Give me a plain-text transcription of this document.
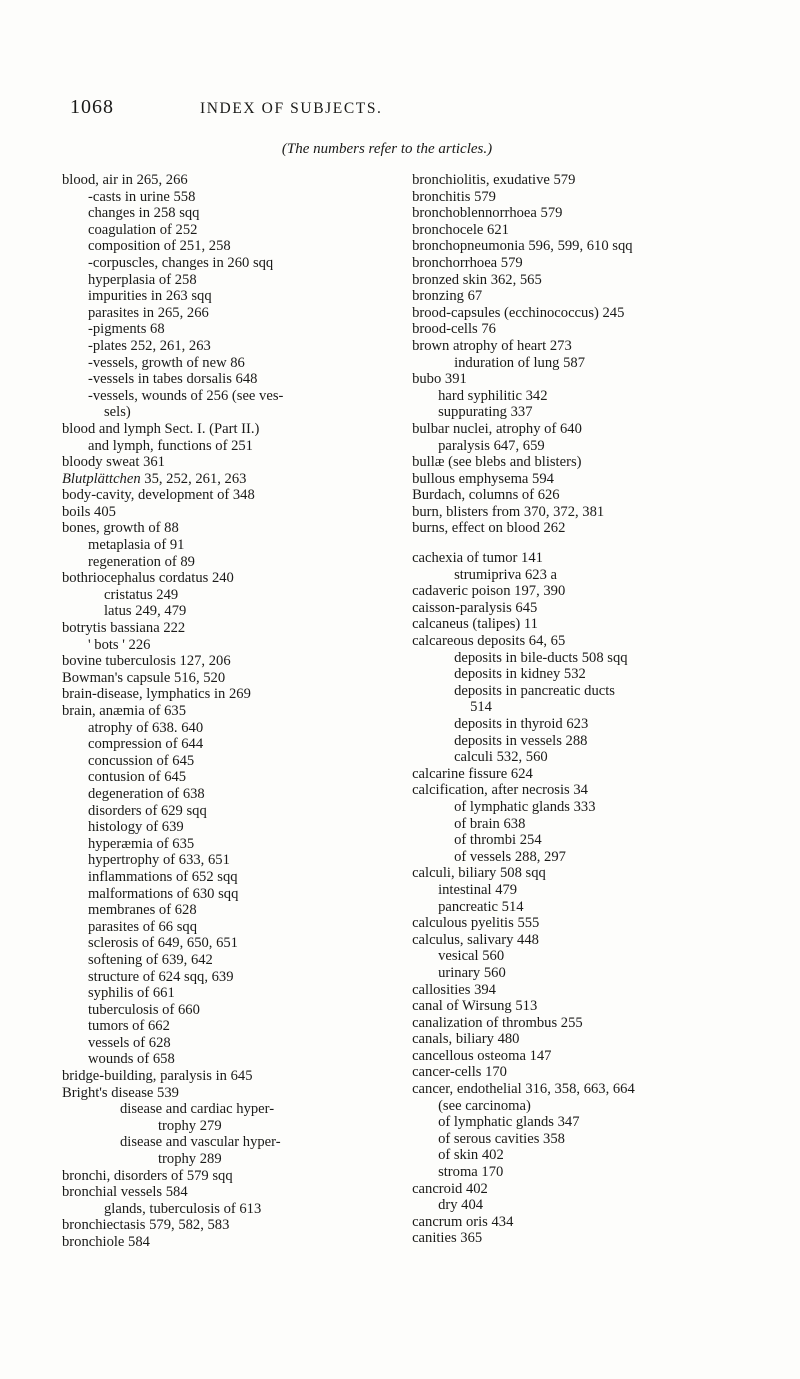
1068	INDEX OF SUBJECTS.
(The numbers refer to the articles.)
blood, air in 265, 266
-casts in urine 558
changes in 258 sqq
coagulation of 252
composition of 251, 258
-corpuscles, changes in 260 sqq
hyperplasia of 258
impurities in 263 sqq
parasites in 265, 266
-pigments 68
-plates 252, 261, 263
-vessels, growth of new 86
-vessels in tabes dorsalis 648
-vessels, wounds of 256 (see ves-
sels)
blood and lymph Sect. I. (Part II.)
and lymph, functions of 251
bloody sweat 361
Blutplättchen 35, 252, 261, 263
body-cavity, development of 348
boils 405
bones, growth of 88
metaplasia of 91
regeneration of 89
bothriocephalus cordatus 240
cristatus 249
latus 249, 479
botrytis bassiana 222
' bots ' 226
bovine tuberculosis 127, 206
Bowman's capsule 516, 520
brain-disease, lymphatics in 269
brain, anæmia of 635
atrophy of 638. 640
compression of 644
concussion of 645
contusion of 645
degeneration of 638
disorders of 629 sqq
histology of 639
hyperæmia of 635
hypertrophy of 633, 651
inflammations of 652 sqq
malformations of 630 sqq
membranes of 628
parasites of 66 sqq
sclerosis of 649, 650, 651
softening of 639, 642
structure of 624 sqq, 639
syphilis of 661
tuberculosis of 660
tumors of 662
vessels of 628
wounds of 658
bridge-building, paralysis in 645
Bright's disease 539
disease and cardiac hyper-
trophy 279
disease and vascular hyper-
trophy 289
bronchi, disorders of 579 sqq
bronchial vessels 584
glands, tuberculosis of 613
bronchiectasis 579, 582, 583
bronchiole 584
bronchiolitis, exudative 579
bronchitis 579
bronchoblennorrhoea 579
bronchocele 621
bronchopneumonia 596, 599, 610 sqq
bronchorrhoea 579
bronzed skin 362, 565
bronzing 67
brood-capsules (ecchinococcus) 245
brood-cells 76
brown atrophy of heart 273
induration of lung 587
bubo 391
hard syphilitic 342
suppurating 337
bulbar nuclei, atrophy of 640
paralysis 647, 659
bullæ (see blebs and blisters)
bullous emphysema 594
Burdach, columns of 626
burn, blisters from 370, 372, 381
burns, effect on blood 262
cachexia of tumor 141
strumipriva 623 a
cadaveric poison 197, 390
caisson-paralysis 645
calcaneus (talipes) 11
calcareous deposits 64, 65
deposits in bile-ducts 508 sqq
deposits in kidney 532
deposits in pancreatic ducts
514
deposits in thyroid 623
deposits in vessels 288
calculi 532, 560
calcarine fissure 624
calcification, after necrosis 34
of lymphatic glands 333
of brain 638
of thrombi 254
of vessels 288, 297
calculi, biliary 508 sqq
intestinal 479
pancreatic 514
calculous pyelitis 555
calculus, salivary 448
vesical 560
urinary 560
callosities 394
canal of Wirsung 513
canalization of thrombus 255
canals, biliary 480
cancellous osteoma 147
cancer-cells 170
cancer, endothelial 316, 358, 663, 664
(see carcinoma)
of lymphatic glands 347
of serous cavities 358
of skin 402
stroma 170
cancroid 402
dry 404
cancrum oris 434
canities 365
